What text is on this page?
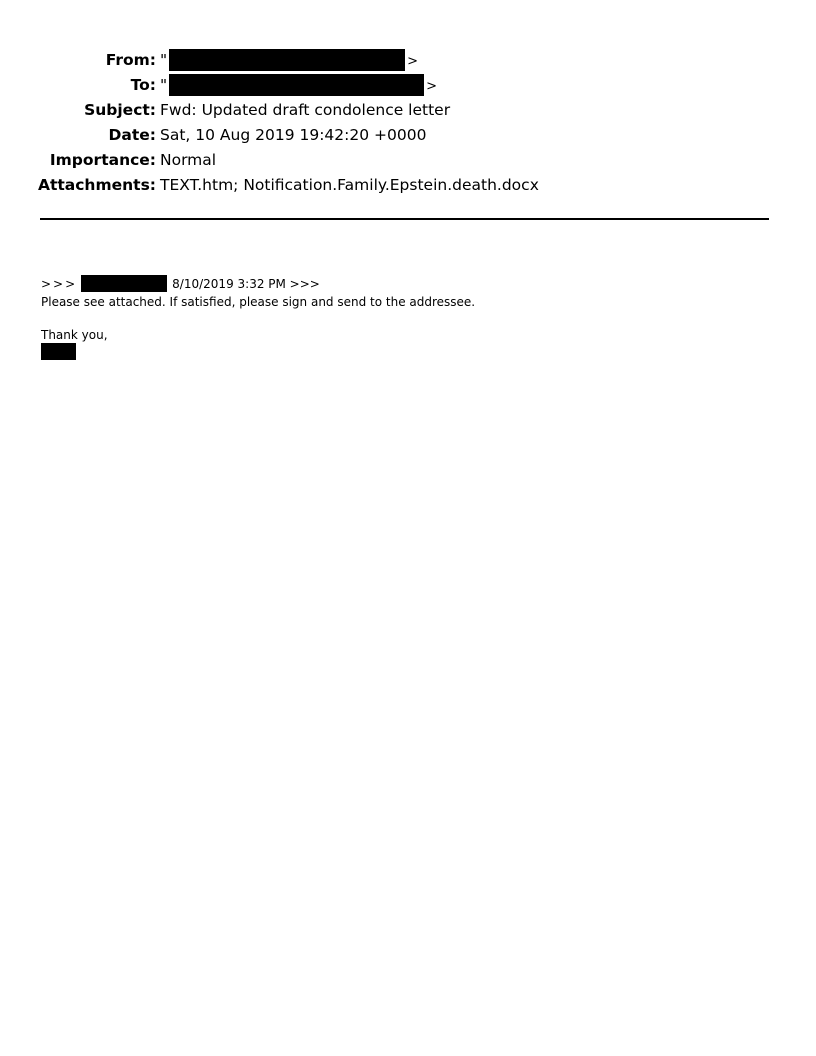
From: "	>
To: "	>
Subject: Fwd: Updated draft condolence letter
Date: Sat, 10 Aug 2019 19:42:20 +0000
Importance: Normal
Attachments: TEXT.htm; Notification.Family.Epstein.death.docx
>>>	8/10/2019 3:32 PM >>>
Please see attached. If satisfied, please sign and send to the addressee.
Thank you,
